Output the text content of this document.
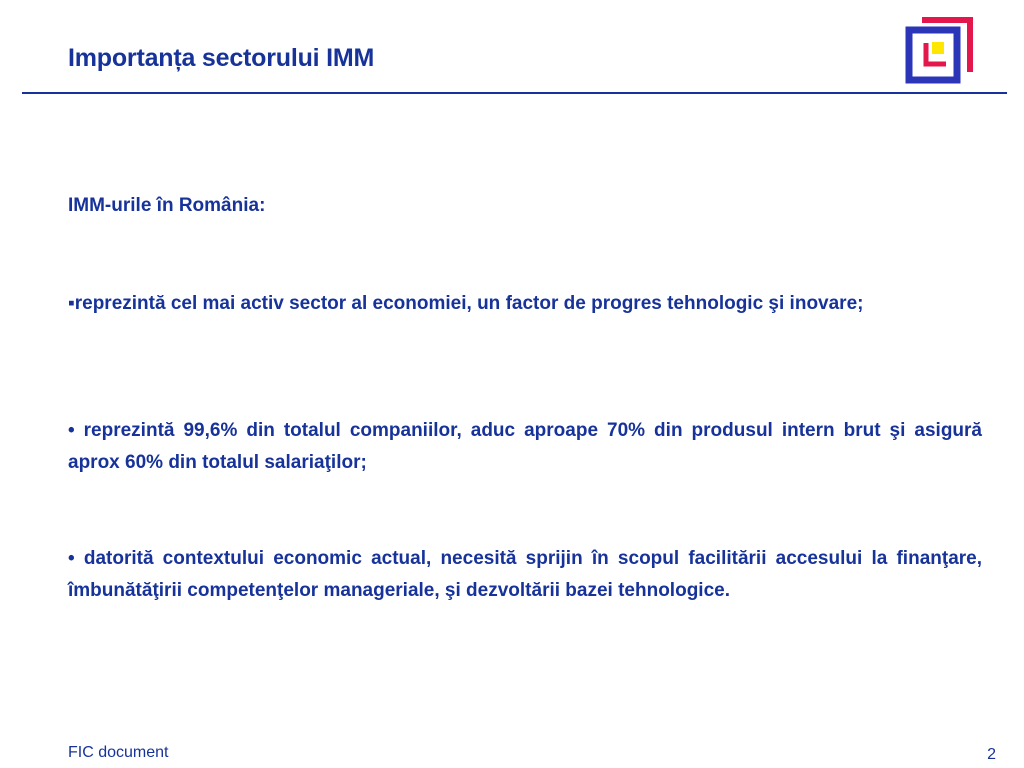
Importanța sectorului IMM
IMM-urile în România:
▪reprezintă cel mai activ sector al economiei, un factor de progres tehnologic şi inovare;
• reprezintă 99,6% din totalul companiilor, aduc aproape 70% din produsul intern brut şi asigură aprox 60% din totalul salariaţilor;
• datorită contextului economic actual, necesită sprijin în scopul facilitării accesului la finanţare, îmbunătăţirii competenţelor manageriale, şi dezvoltării bazei tehnologice.
FIC document	2
